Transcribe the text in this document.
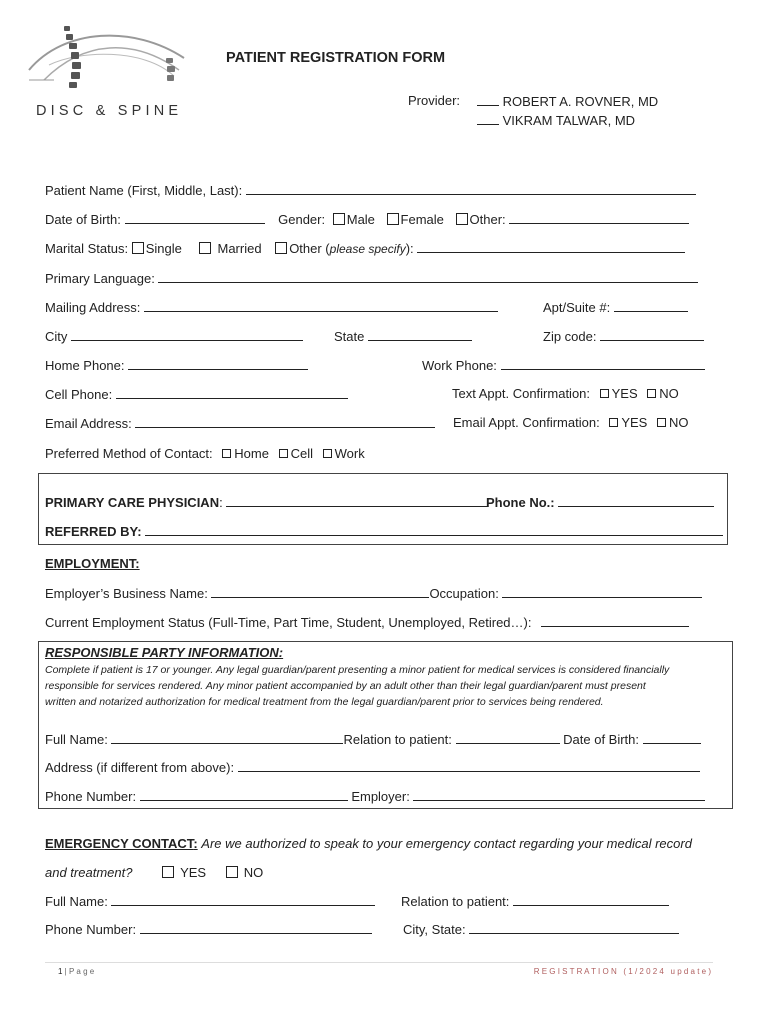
DISC & SPINE
PATIENT REGISTRATION FORM
Provider:	ROBERT A. ROVNER, MD
VIKRAM TALWAR, MD
Patient Name (First, Middle, Last):
Date of Birth:	Gender: Male Female Other:
Marital Status: Single	Married Other (please specify):
Primary Language:
Mailing Address:	Apt/Suite #:
City	State	Zip code:
Home Phone:	Work Phone:
Cell Phone:	Text Appt. Confirmation: YES NO
Email Address:	Email Appt. Confirmation: YES NO
Preferred Method of Contact: Home Cell Work
PRIMARY CARE PHYSICIAN:	Phone No.:
REFERRED BY:
EMPLOYMENT:
Employer’s Business Name:	Occupation:
Current Employment Status (Full-Time, Part Time, Student, Unemployed, Retired…):
RESPONSIBLE PARTY INFORMATION:
Complete if patient is 17 or younger. Any legal guardian/parent presenting a minor patient for medical services is considered financially
responsible for services rendered. Any minor patient accompanied by an adult other than their legal guardian/parent must present
written and notarized authorization for medical treatment from the legal guardian/parent prior to services being rendered.
Full Name:	Relation to patient:	Date of Birth:
Address (if different from above):
Phone Number:	Employer:
EMERGENCY CONTACT: Are we authorized to speak to your emergency contact regarding your medical record
and treatment?	YES	NO
Full Name:	Relation to patient:
Phone Number:	City, State:
1 | P a g e	R E G I S T R A T I O N   ( 1 / 2 0 2 4   u p d a t e )
